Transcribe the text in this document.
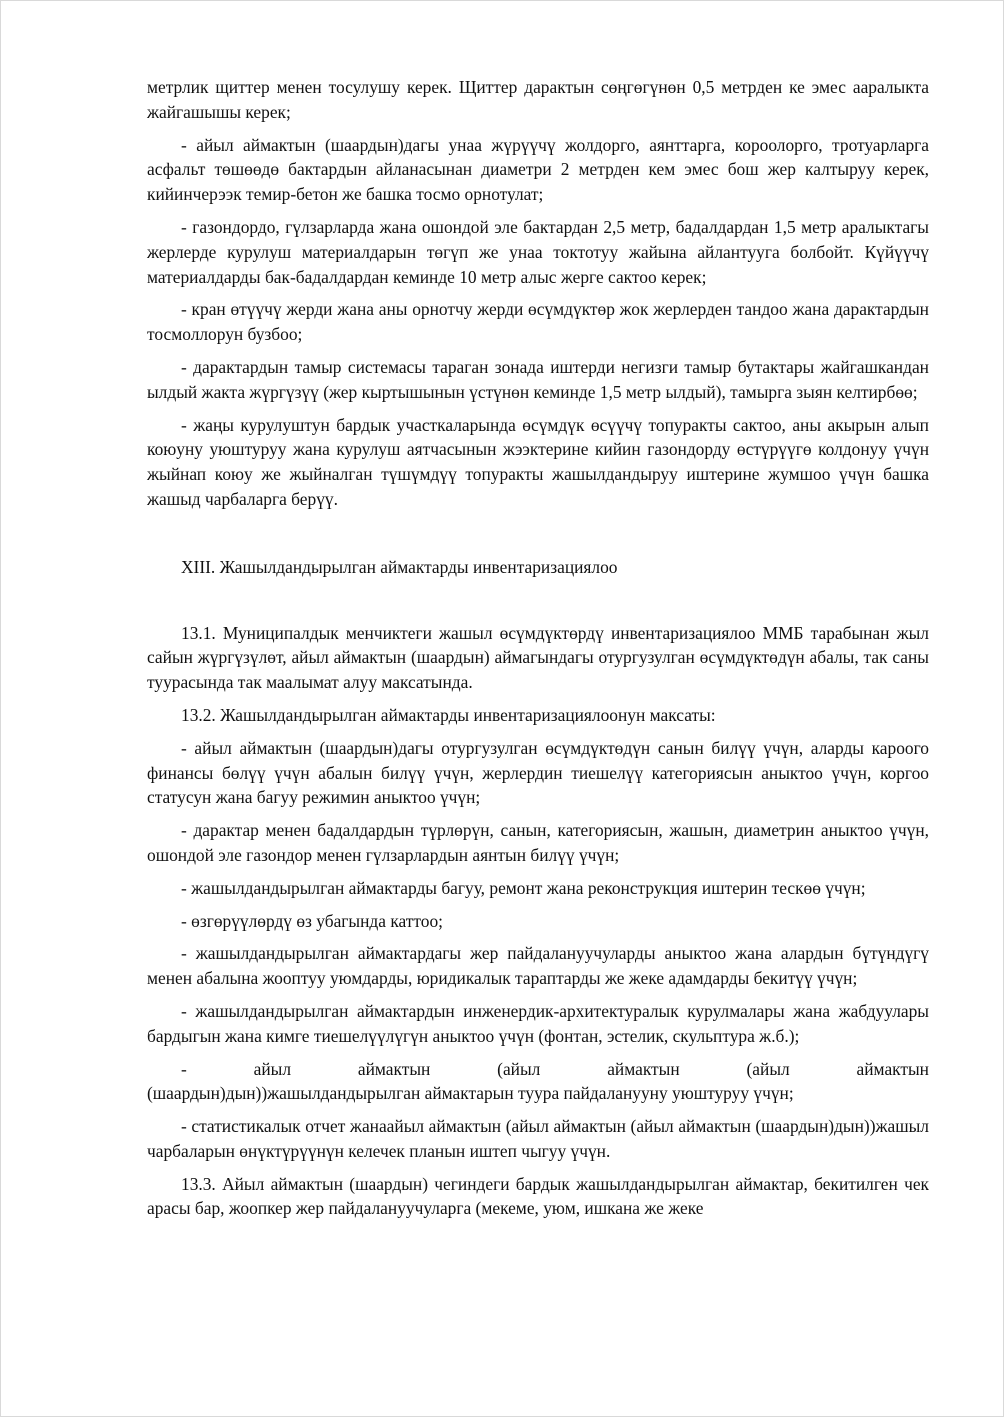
метрлик щиттер менен тосулушу керек. Щиттер дарактын сөңгөгүнөн 0,5 метрден ке эмес ааралыкта жайгашышы керек;

- айыл аймактын (шаардын)дагы унаа жүрүүчү жолдорго, аянттарга, короолорго, тротуарларга асфальт төшөөдө бактардын айланасынан диаметри 2 метрден кем эмес бош жер калтыруу керек, кийинчерээк темир-бетон же башка тосмо орнотулат;

- газондордо, гүлзарларда жана ошондой эле бактардан 2,5 метр, бадалдардан 1,5 метр аралыктагы жерлерде курулуш материалдарын төгүп же унаа токтотуу жайына айлантууга болбойт. Күйүүчү материалдарды бак-бадалдардан кеминде 10 метр алыс жерге сактоо керек;

- кран өтүүчү жерди жана аны орнотчу жерди өсүмдүктөр жок жерлерден тандоо жана дарактардын тосмоллорун бузбоо;

- дарактардын тамыр системасы тараган зонада иштерди негизги тамыр бутактары жайгашкандан ылдый жакта жүргүзүү (жер кыртышынын үстүнөн кеминде 1,5 метр ылдый), тамырга зыян келтирбөө;

- жаңы курулуштун бардык участкаларында өсүмдүк өсүүчү топуракты сактоо, аны акырын алып коюуну уюштуруу жана курулуш аятчасынын жээктерине кийин газондорду өстүрүүгө колдонуу үчүн жыйнап коюу же жыйналган түшүмдүү топуракты жашылдандыруу иштерине жумшоо үчүн башка жашыд чарбаларга берүү.

XIII. Жашылдандырылган аймактарды инвентаризациялоо

13.1. Муниципалдык менчиктеги жашыл өсүмдүктөрдү инвентаризациялоо ММБ тарабынан жыл сайын жүргүзүлөт, айыл аймактын (шаардын) аймагындагы отургузулган өсүмдүктөдүн абалы, так саны туурасында так маалымат алуу максатында.

13.2. Жашылдандырылган аймактарды инвентаризациялоонун максаты:

- айыл аймактын (шаардын)дагы отургузулган өсүмдүктөдүн санын билүү үчүн, аларды кароого финансы бөлүү үчүн абалын билүү үчүн, жерлердин тиешелүү категориясын аныктоо үчүн, коргоо статусун жана багуу режимин аныктоо үчүн;

- дарактар менен бадалдардын түрлөрүн, санын, категориясын, жашын, диаметрин аныктоо үчүн, ошондой эле газондор менен гүлзарлардын аянтын билүү үчүн;

- жашылдандырылган аймактарды багуу, ремонт жана реконструкция иштерин тескөө үчүн;

- өзгөрүүлөрдү өз убагында каттоо;

- жашылдандырылган аймактардагы жер пайдалануучуларды аныктоо жана алардын бүтүндүгү менен абалына жооптуу уюмдарды, юридикалык тараптарды же жеке адамдарды бекитүү үчүн;

- жашылдандырылган аймактардын инженердик-архитектуралык курулмалары жана жабдуулары бардыгын жана кимге тиешелүүлүгүн аныктоо үчүн (фонтан, эстелик, скульптура ж.б.);

-	айыл	аймактын	(айыл	аймактын	(айыл	аймактын

(шаардын)дын))жашылдандырылган аймактарын туура пайдаланууну уюштуруу үчүн;

- статистикалык отчет жанаайыл аймактын (айыл аймактын (айыл аймактын (шаардын)дын))жашыл чарбаларын өнүктүрүүнүн келечек планын иштеп чыгуу үчүн.

13.3. Айыл аймактын (шаардын) чегиндеги бардык жашылдандырылган аймактар, бекитилген чек арасы бар, жоопкер жер пайдалануучуларга (мекеме, уюм, ишкана же жеке
